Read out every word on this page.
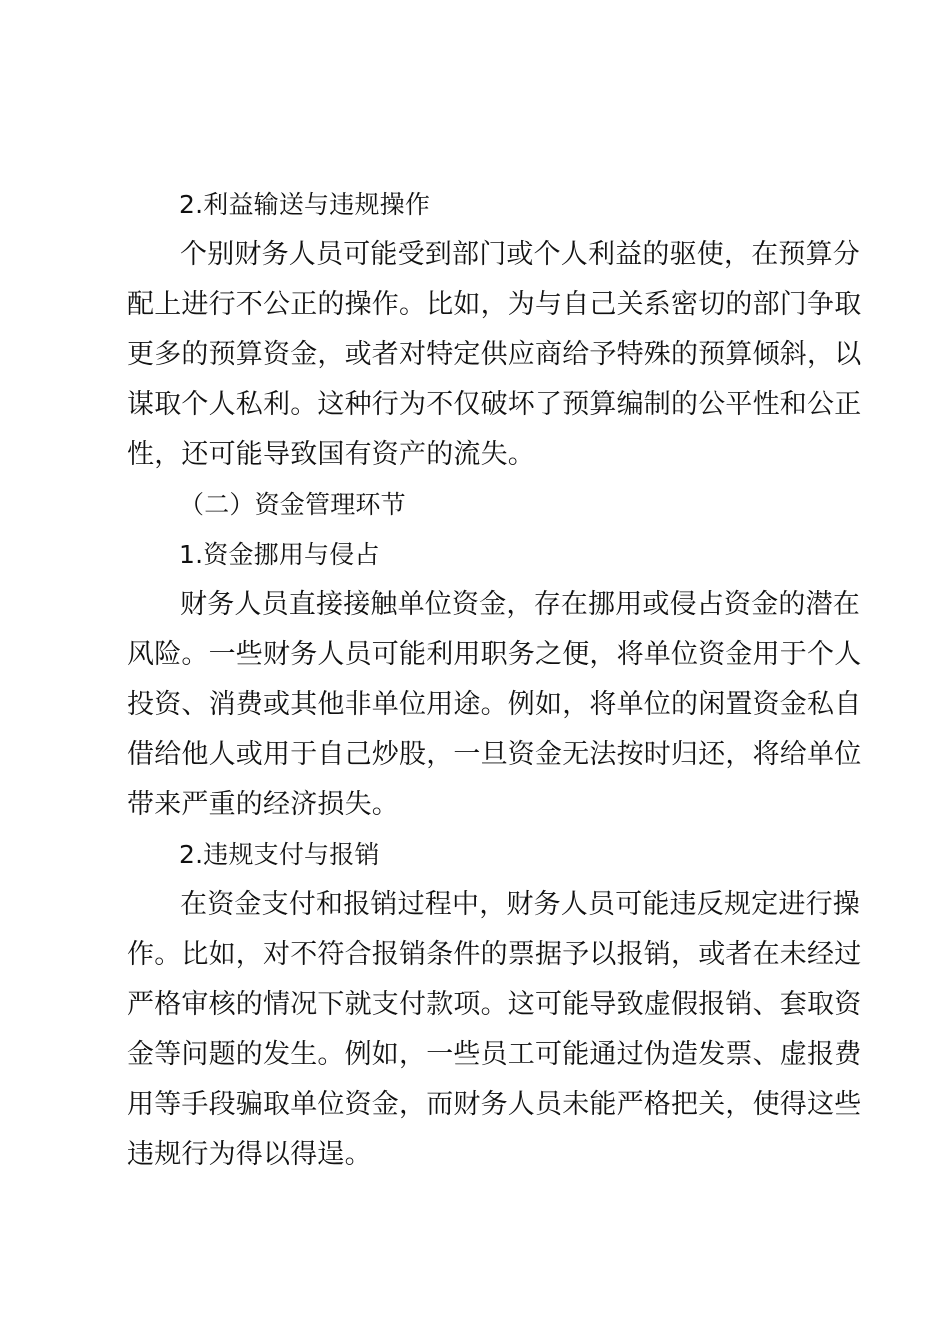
2.利益输送与违规操作
个别财务人员可能受到部门或个人利益的驱使，在预算分
配上进行不公正的操作。比如，为与自己关系密切的部门争取
更多的预算资金，或者对特定供应商给予特殊的预算倾斜，以
谋取个人私利。这种行为不仅破坏了预算编制的公平性和公正
性，还可能导致国有资产的流失。
（二）资金管理环节
1.资金挪用与侵占
财务人员直接接触单位资金，存在挪用或侵占资金的潜在
风险。一些财务人员可能利用职务之便，将单位资金用于个人
投资、消费或其他非单位用途。例如，将单位的闲置资金私自
借给他人或用于自己炒股，一旦资金无法按时归还，将给单位
带来严重的经济损失。
2.违规支付与报销
在资金支付和报销过程中，财务人员可能违反规定进行操
作。比如，对不符合报销条件的票据予以报销，或者在未经过
严格审核的情况下就支付款项。这可能导致虚假报销、套取资
金等问题的发生。例如，一些员工可能通过伪造发票、虚报费
用等手段骗取单位资金，而财务人员未能严格把关，使得这些
违规行为得以得逞。
